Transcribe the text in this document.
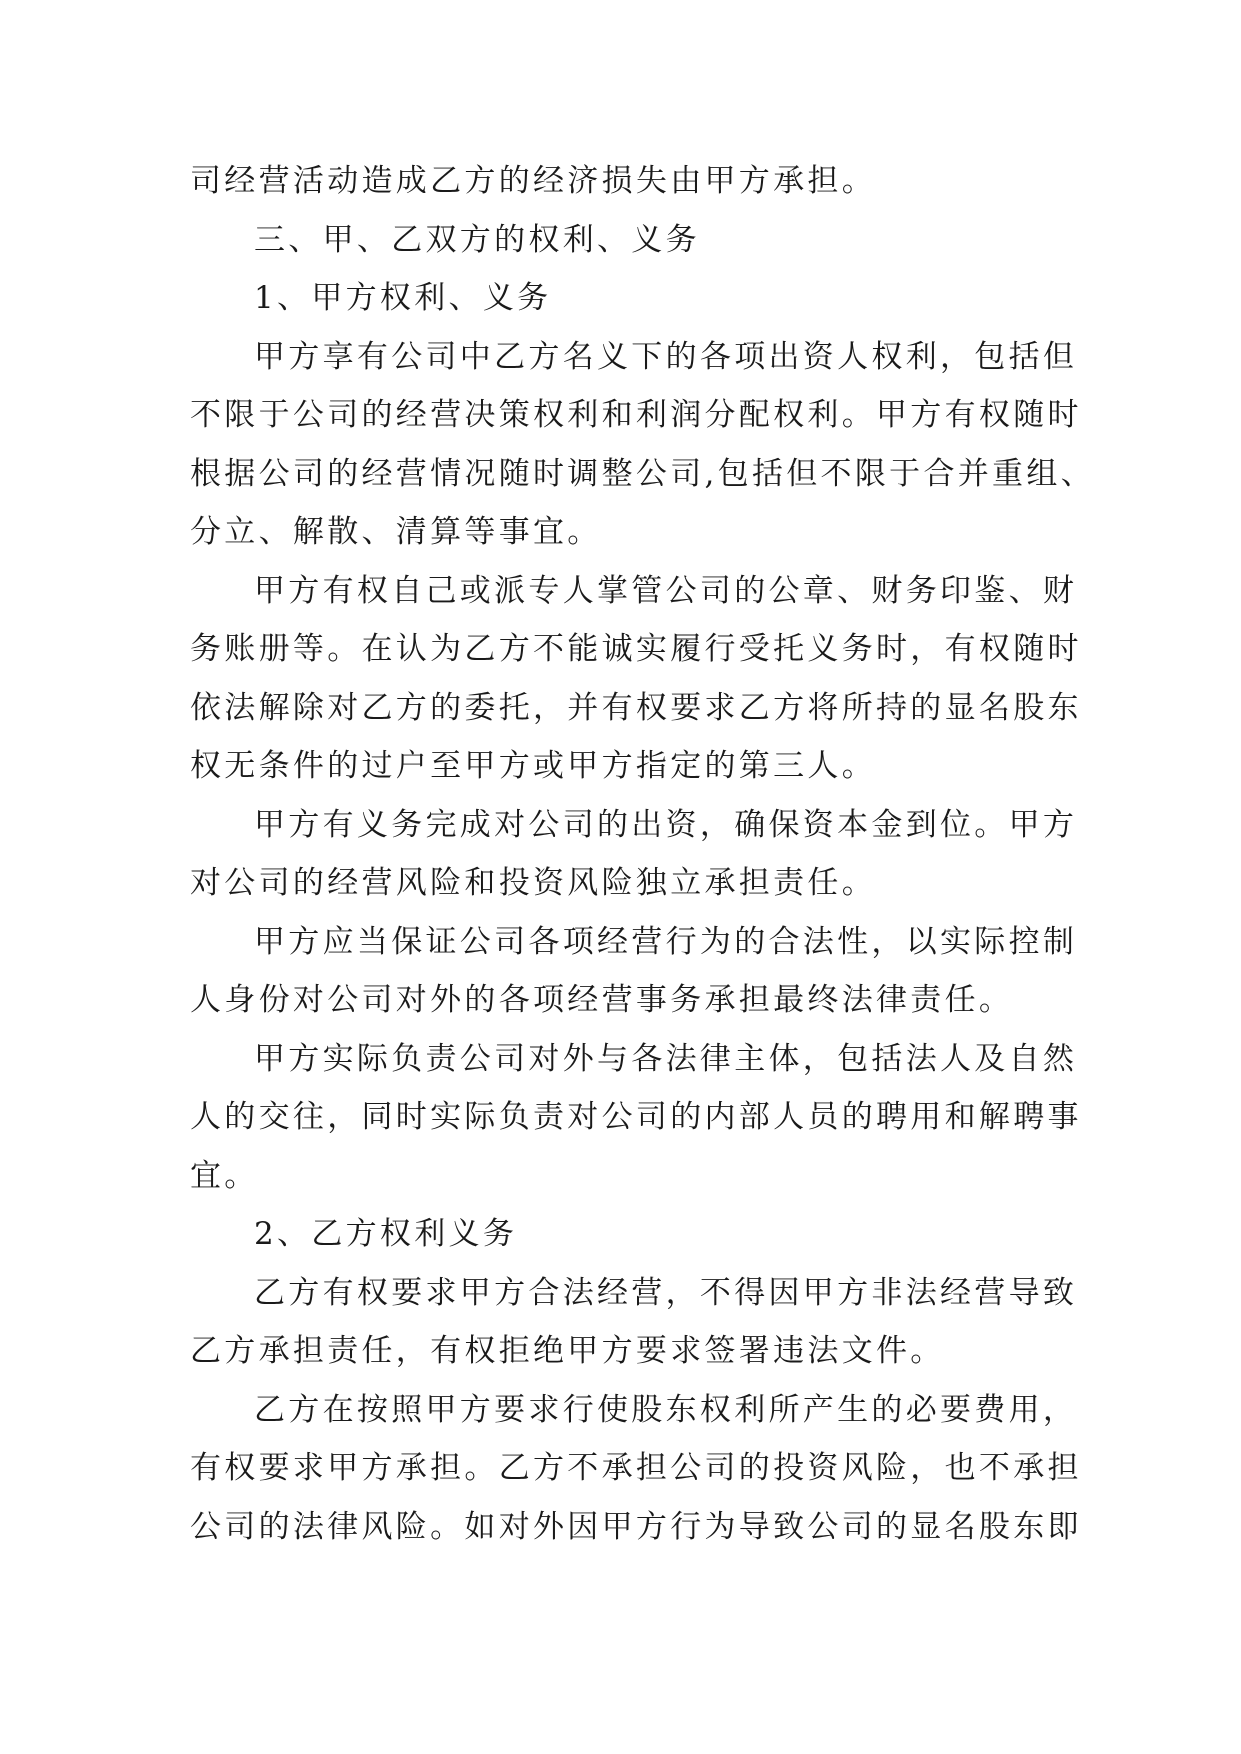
司经营活动造成乙方的经济损失由甲方承担。
三、甲、乙双方的权利、义务
1、甲方权利、义务
甲方享有公司中乙方名义下的各项出资人权利，包括但
不限于公司的经营决策权利和利润分配权利。甲方有权随时
根据公司的经营情况随时调整公司,包括但不限于合并重组、
分立、解散、清算等事宜。
甲方有权自己或派专人掌管公司的公章、财务印鉴、财
务账册等。在认为乙方不能诚实履行受托义务时，有权随时
依法解除对乙方的委托，并有权要求乙方将所持的显名股东
权无条件的过户至甲方或甲方指定的第三人。
甲方有义务完成对公司的出资，确保资本金到位。甲方
对公司的经营风险和投资风险独立承担责任。
甲方应当保证公司各项经营行为的合法性，以实际控制
人身份对公司对外的各项经营事务承担最终法律责任。
甲方实际负责公司对外与各法律主体，包括法人及自然
人的交往，同时实际负责对公司的内部人员的聘用和解聘事
宜。
2、乙方权利义务
乙方有权要求甲方合法经营，不得因甲方非法经营导致
乙方承担责任，有权拒绝甲方要求签署违法文件。
乙方在按照甲方要求行使股东权利所产生的必要费用，
有权要求甲方承担。乙方不承担公司的投资风险，也不承担
公司的法律风险。如对外因甲方行为导致公司的显名股东即
